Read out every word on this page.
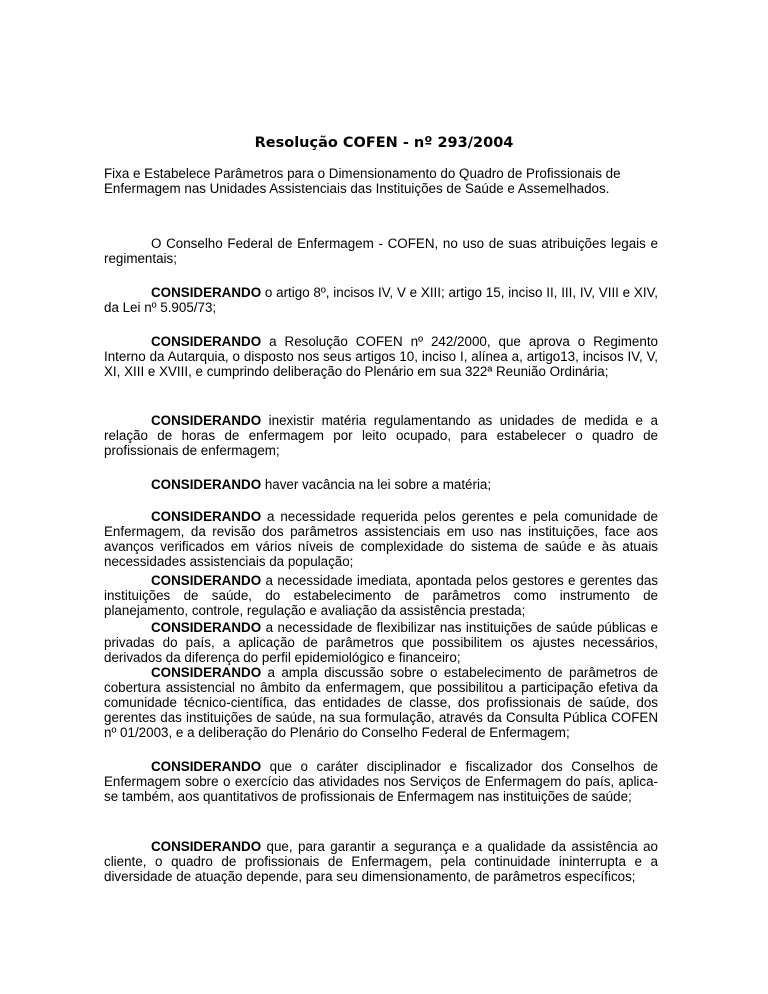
Resolução COFEN - nº 293/2004

Fixa e Estabelece Parâmetros para o Dimensionamento do Quadro de Profissionais de Enfermagem nas Unidades Assistenciais das Instituições de Saúde e Assemelhados.

O Conselho Federal de Enfermagem - COFEN, no uso de suas atribuições legais e regimentais;

CONSIDERANDO o artigo 8º, incisos IV, V e XIII; artigo 15, inciso II, III, IV, VIII e XIV, da Lei nº 5.905/73;

CONSIDERANDO a Resolução COFEN nº 242/2000, que aprova o Regimento Interno da Autarquia, o disposto nos seus artigos 10, inciso I, alínea a, artigo13, incisos IV, V, XI, XIII e XVIII, e cumprindo deliberação do Plenário em sua 322ª Reunião Ordinária;

CONSIDERANDO inexistir matéria regulamentando as unidades de medida e a relação de horas de enfermagem por leito ocupado, para estabelecer o quadro de profissionais de enfermagem;

CONSIDERANDO haver vacância na lei sobre a matéria;

CONSIDERANDO a necessidade requerida pelos gerentes e pela comunidade de Enfermagem, da revisão dos parâmetros assistenciais em uso nas instituições, face aos avanços verificados em vários níveis de complexidade do sistema de saúde e às atuais necessidades assistenciais da população;

CONSIDERANDO a necessidade imediata, apontada pelos gestores e gerentes das instituições de saúde, do estabelecimento de parâmetros como instrumento de planejamento, controle, regulação e avaliação da assistência prestada;

CONSIDERANDO a necessidade de flexibilizar nas instituições de saúde públicas e privadas do país, a aplicação de parâmetros que possibilitem os ajustes necessários, derivados da diferença do perfil epidemiológico e financeiro;

CONSIDERANDO a ampla discussão sobre o estabelecimento de parâmetros de cobertura assistencial no âmbito da enfermagem, que possibilitou a participação efetiva da comunidade técnico-científica, das entidades de classe, dos profissionais de saúde, dos gerentes das instituições de saúde, na sua formulação, através da Consulta Pública COFEN nº 01/2003, e a deliberação do Plenário do Conselho Federal de Enfermagem;

CONSIDERANDO que o caráter disciplinador e fiscalizador dos Conselhos de Enfermagem sobre o exercício das atividades nos Serviços de Enfermagem do país, aplica-se também, aos quantitativos de profissionais de Enfermagem nas instituições de saúde;

CONSIDERANDO que, para garantir a segurança e a qualidade da assistência ao cliente, o quadro de profissionais de Enfermagem, pela continuidade ininterrupta e a diversidade de atuação depende, para seu dimensionamento, de parâmetros específicos;
